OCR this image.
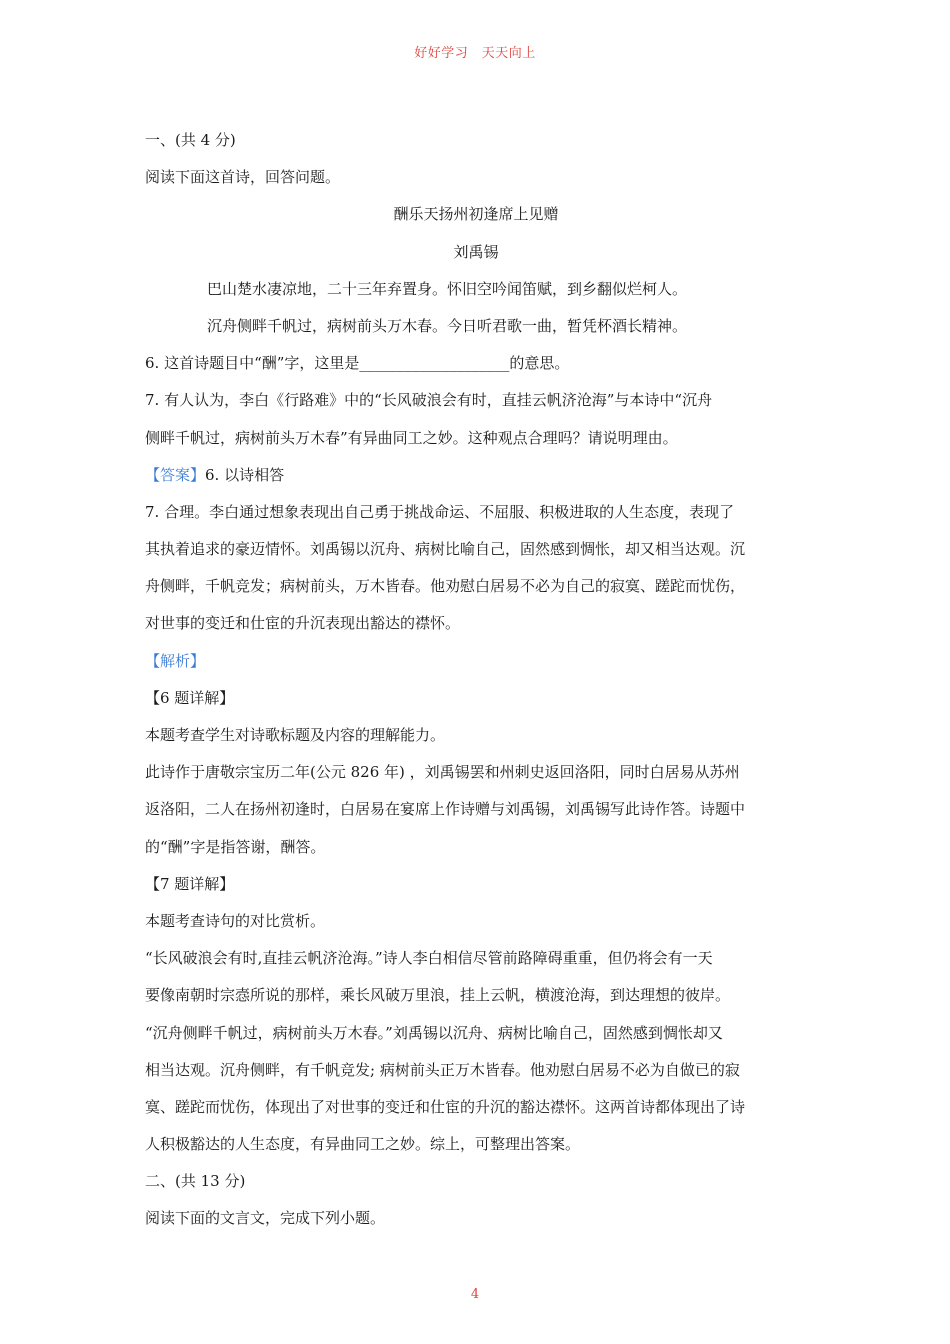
好好学习　天天向上
一、(共 4 分)
阅读下面这首诗，回答问题。
酬乐天扬州初逢席上见赠
刘禹锡
巴山楚水凄凉地，二十三年弃置身。怀旧空吟闻笛赋，到乡翻似烂柯人。
沉舟侧畔千帆过，病树前头万木春。今日听君歌一曲，暂凭杯酒长精神。
6. 这首诗题目中“酬”字，这里是____________________的意思。
7. 有人认为，李白《行路难》中的“长风破浪会有时，直挂云帆济沧海”与本诗中“沉舟
侧畔千帆过，病树前头万木春”有异曲同工之妙。这种观点合理吗？请说明理由。
【答案】6. 以诗相答
7. 合理。李白通过想象表现出自己勇于挑战命运、不屈服、积极进取的人生态度，表现了
其执着追求的豪迈情怀。刘禹锡以沉舟、病树比喻自己，固然感到惆怅，却又相当达观。沉
舟侧畔，千帆竞发；病树前头，万木皆春。他劝慰白居易不必为自己的寂寞、蹉跎而忧伤，
对世事的变迁和仕宦的升沉表现出豁达的襟怀。
【解析】
【6 题详解】
本题考查学生对诗歌标题及内容的理解能力。
此诗作于唐敬宗宝历二年(公元 826 年) ，刘禹锡罢和州刺史返回洛阳，同时白居易从苏州
返洛阳，二人在扬州初逢时，白居易在宴席上作诗赠与刘禹锡，刘禹锡写此诗作答。诗题中
的“酬”字是指答谢，酬答。
【7 题详解】
本题考查诗句的对比赏析。
“长风破浪会有时,直挂云帆济沧海。”诗人李白相信尽管前路障碍重重，但仍将会有一天
要像南朝时宗悫所说的那样，乘长风破万里浪，挂上云帆，横渡沧海，到达理想的彼岸。
“沉舟侧畔千帆过，病树前头万木春。”刘禹锡以沉舟、病树比喻自己，固然感到惆怅却又
相当达观。沉舟侧畔，有千帆竞发; 病树前头正万木皆春。他劝慰白居易不必为自做已的寂
寞、蹉跎而忧伤，体现出了对世事的变迁和仕宦的升沉的豁达襟怀。这两首诗都体现出了诗
人积极豁达的人生态度，有异曲同工之妙。综上，可整理出答案。
二、(共 13 分)
阅读下面的文言文，完成下列小题。
4
